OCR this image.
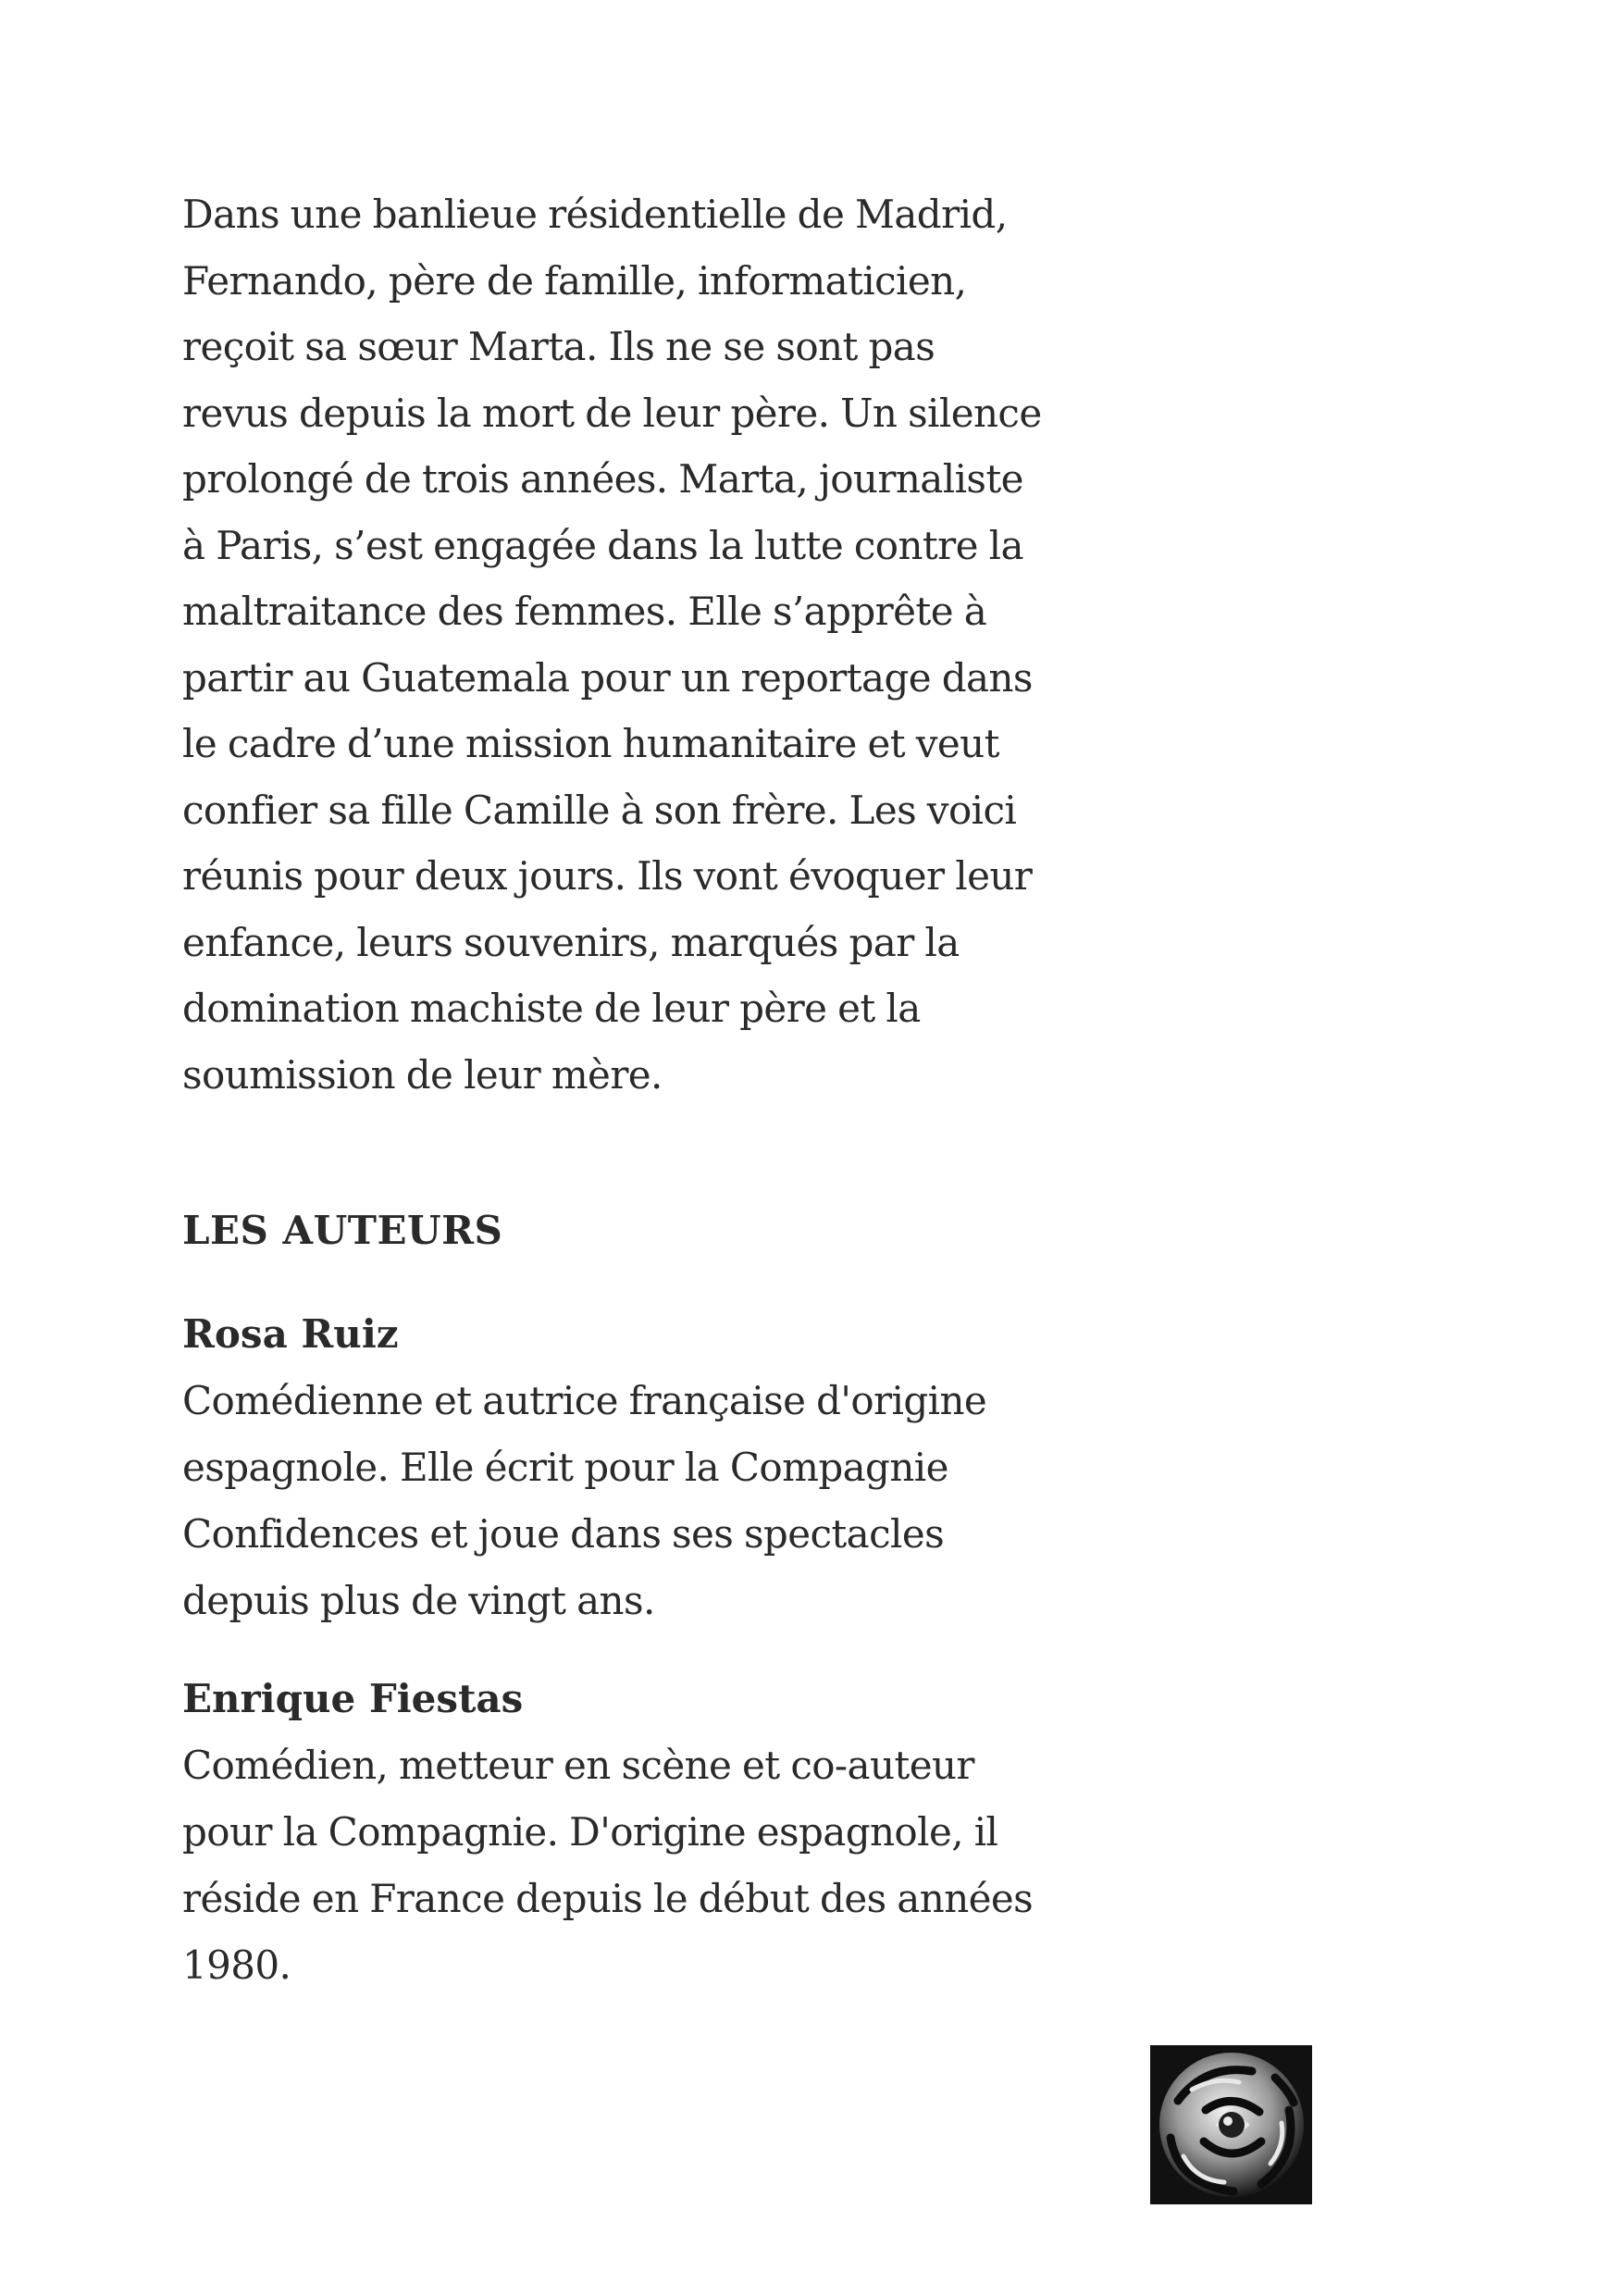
Dans une banlieue résidentielle de Madrid,
Fernando, père de famille, informaticien,
reçoit sa sœur Marta. Ils ne se sont pas
revus depuis la mort de leur père. Un silence
prolongé de trois années. Marta, journaliste
à Paris, s’est engagée dans la lutte contre la
maltraitance des femmes. Elle s’apprête à
partir au Guatemala pour un reportage dans
le cadre d’une mission humanitaire et veut
confier sa fille Camille à son frère. Les voici
réunis pour deux jours. Ils vont évoquer leur
enfance, leurs souvenirs, marqués par la
domination machiste de leur père et la
soumission de leur mère.
LES AUTEURS
Rosa Ruiz
Comédienne et autrice française d'origine
espagnole. Elle écrit pour la Compagnie
Confidences et joue dans ses spectacles
depuis plus de vingt ans.
Enrique Fiestas
Comédien, metteur en scène et co-auteur
pour la Compagnie. D'origine espagnole, il
réside en France depuis le début des années
1980.
